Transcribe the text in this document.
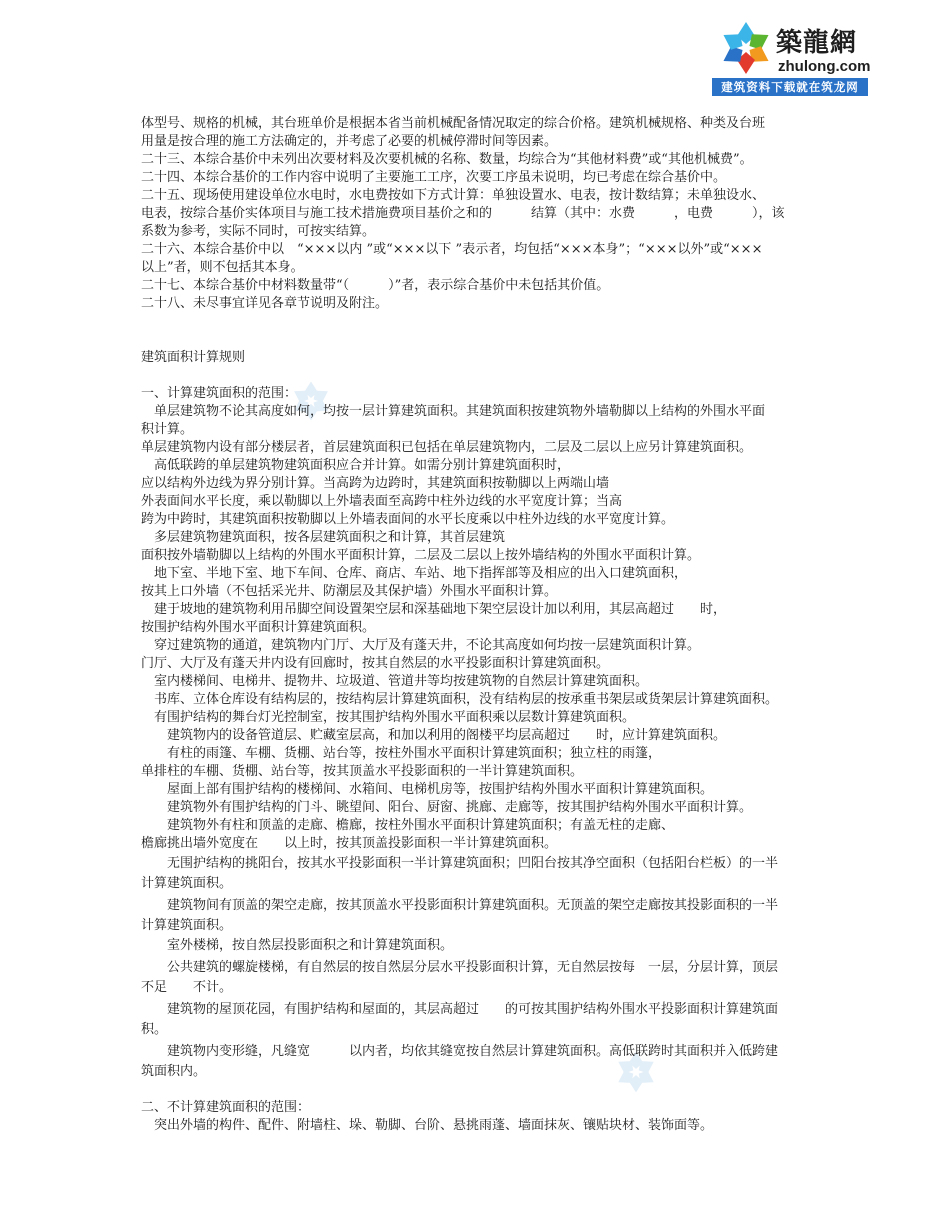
築龍網
zhulong.com
建筑资料下载就在筑龙网
体型号、规格的机械，其台班单价是根据本省当前机械配备情况取定的综合价格。建筑机械规格、种类及台班
用量是按合理的施工方法确定的，并考虑了必要的机械停滞时间等因素。
二十三、本综合基价中未列出次要材料及次要机械的名称、数量，均综合为“其他材料费”或“其他机械费”。
二十四、本综合基价的工作内容中说明了主要施工工序，次要工序虽未说明，均已考虑在综合基价中。
二十五、现场使用建设单位水电时，水电费按如下方式计算：单独设置水、电表，按计数结算；未单独设水、
电表，按综合基价实体项目与施工技术措施费项目基价之和的　　　结算（其中：水费　　　，电费　　　），该
系数为参考，实际不同时，可按实结算。
二十六、本综合基价中以　“×××以内 ”或“×××以下 ”表示者，均包括“×××本身”；“×××以外”或“×××
以上”者，则不包括其本身。
二十七、本综合基价中材料数量带“（　　　）”者，表示综合基价中未包括其价值。
二十八、未尽事宜详见各章节说明及附注。
建筑面积计算规则
一、计算建筑面积的范围：
　单层建筑物不论其高度如何，均按一层计算建筑面积。其建筑面积按建筑物外墙勒脚以上结构的外围水平面
积计算。
单层建筑物内设有部分楼层者，首层建筑面积已包括在单层建筑物内，二层及二层以上应另计算建筑面积。
　高低联跨的单层建筑物建筑面积应合并计算。如需分别计算建筑面积时，
应以结构外边线为界分别计算。当高跨为边跨时，其建筑面积按勒脚以上两端山墙
外表面间水平长度，乘以勒脚以上外墙表面至高跨中柱外边线的水平宽度计算；当高
跨为中跨时，其建筑面积按勒脚以上外墙表面间的水平长度乘以中柱外边线的水平宽度计算。
　多层建筑物建筑面积，按各层建筑面积之和计算，其首层建筑
面积按外墙勒脚以上结构的外围水平面积计算，二层及二层以上按外墙结构的外围水平面积计算。
　地下室、半地下室、地下车间、仓库、商店、车站、地下指挥部等及相应的出入口建筑面积，
按其上口外墙（不包括采光井、防潮层及其保护墙）外围水平面积计算。
　建于坡地的建筑物利用吊脚空间设置架空层和深基础地下架空层设计加以利用，其层高超过　　时，
按围护结构外围水平面积计算建筑面积。
　穿过建筑物的通道，建筑物内门厅、大厅及有蓬天井，不论其高度如何均按一层建筑面积计算。
门厅、大厅及有蓬天井内设有回廊时，按其自然层的水平投影面积计算建筑面积。
　室内楼梯间、电梯井、提物井、垃圾道、管道井等均按建筑物的自然层计算建筑面积。
　书库、立体仓库设有结构层的，按结构层计算建筑面积，没有结构层的按承重书架层或货架层计算建筑面积。
　有围护结构的舞台灯光控制室，按其围护结构外围水平面积乘以层数计算建筑面积。
　　建筑物内的设备管道层、贮藏室层高，和加以利用的阁楼平均层高超过　　时，应计算建筑面积。
　　有柱的雨篷、车棚、货棚、站台等，按柱外围水平面积计算建筑面积；独立柱的雨篷，
单排柱的车棚、货棚、站台等，按其顶盖水平投影面积的一半计算建筑面积。
　　屋面上部有围护结构的楼梯间、水箱间、电梯机房等，按围护结构外围水平面积计算建筑面积。
　　建筑物外有围护结构的门斗、眺望间、阳台、厨窗、挑廊、走廊等，按其围护结构外围水平面积计算。
　　建筑物外有柱和顶盖的走廊、檐廊，按柱外围水平面积计算建筑面积；有盖无柱的走廊、
檐廊挑出墙外宽度在　　以上时，按其顶盖投影面积一半计算建筑面积。
　　无围护结构的挑阳台，按其水平投影面积一半计算建筑面积；凹阳台按其净空面积（包括阳台栏板）的一半
计算建筑面积。
　　建筑物间有顶盖的架空走廊，按其顶盖水平投影面积计算建筑面积。无顶盖的架空走廊按其投影面积的一半
计算建筑面积。
　　室外楼梯，按自然层投影面积之和计算建筑面积。
　　公共建筑的螺旋楼梯，有自然层的按自然层分层水平投影面积计算，无自然层按每　一层，分层计算，顶层
不足　　不计。
　　建筑物的屋顶花园，有围护结构和屋面的，其层高超过　　的可按其围护结构外围水平投影面积计算建筑面
积。
　　建筑物内变形缝，凡缝宽　　　以内者，均依其缝宽按自然层计算建筑面积。高低联跨时其面积并入低跨建
筑面积内。
二、不计算建筑面积的范围：
　突出外墙的构件、配件、附墙柱、垛、勒脚、台阶、悬挑雨蓬、墙面抹灰、镶贴块材、装饰面等。
